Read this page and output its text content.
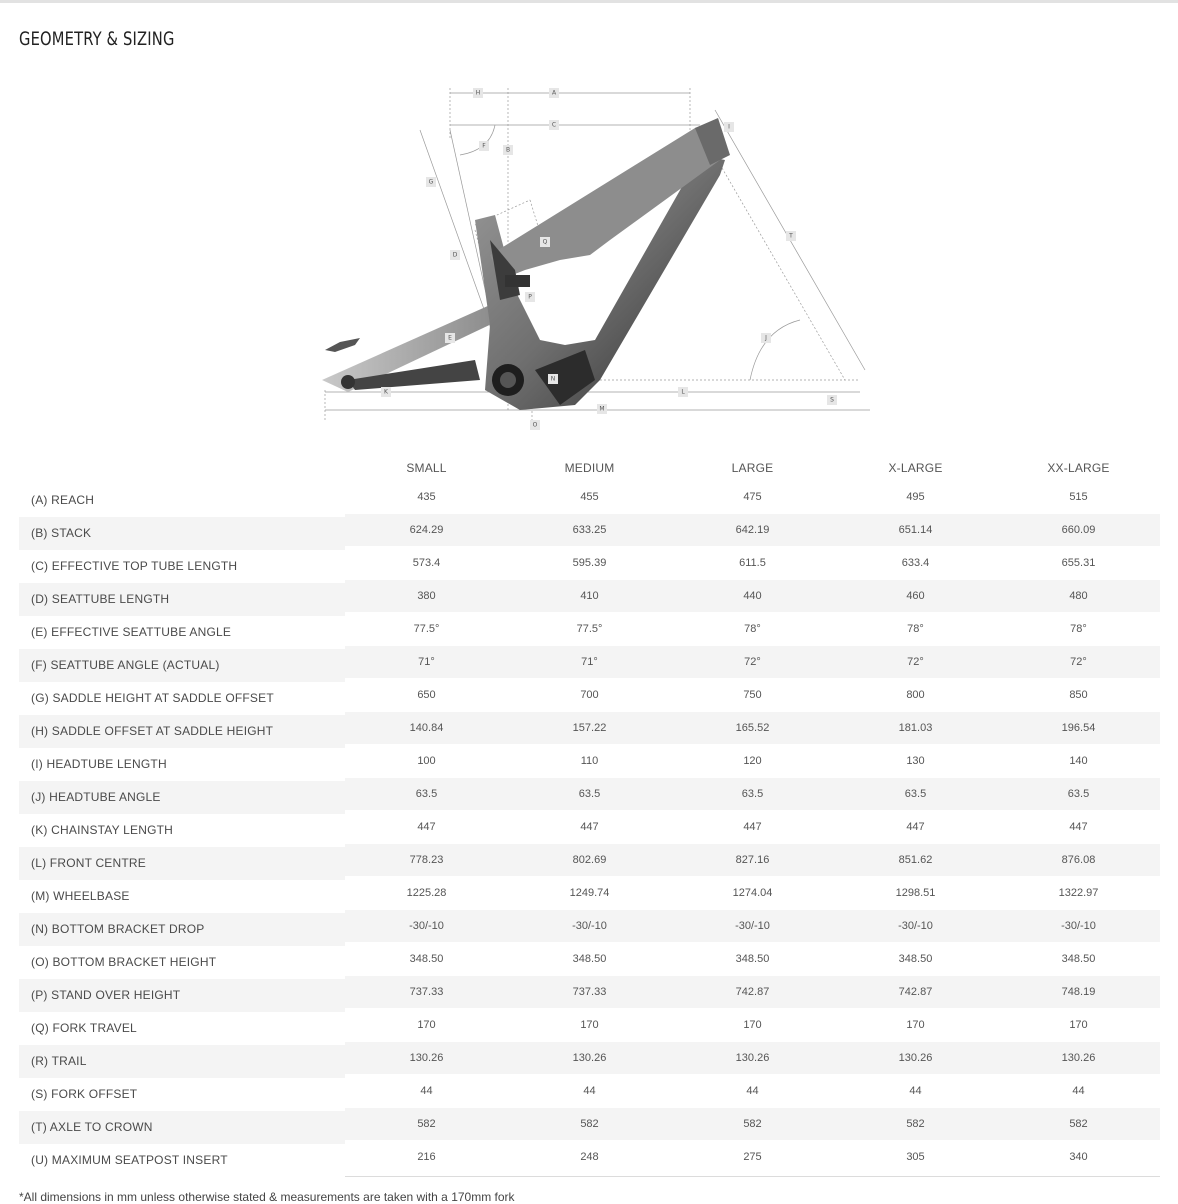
GEOMETRY & SIZING
H	A
C	I
F
B
G
T
Q
D
P
J
E
N
K	L
S
M
O
	SMALL	MEDIUM	LARGE	X-LARGE	XX-LARGE
(A) REACH	435	455	475	495	515
(B) STACK	624.29	633.25	642.19	651.14	660.09
(C) EFFECTIVE TOP TUBE LENGTH	573.4	595.39	611.5	633.4	655.31
(D) SEATTUBE LENGTH	380	410	440	460	480
(E) EFFECTIVE SEATTUBE ANGLE	77.5°	77.5°	78°	78°	78°
(F) SEATTUBE ANGLE (ACTUAL)	71°	71°	72°	72°	72°
(G) SADDLE HEIGHT AT SADDLE OFFSET	650	700	750	800	850
(H) SADDLE OFFSET AT SADDLE HEIGHT	140.84	157.22	165.52	181.03	196.54
(I) HEADTUBE LENGTH	100	110	120	130	140
(J) HEADTUBE ANGLE	63.5	63.5	63.5	63.5	63.5
(K) CHAINSTAY LENGTH	447	447	447	447	447
(L) FRONT CENTRE	778.23	802.69	827.16	851.62	876.08
(M) WHEELBASE	1225.28	1249.74	1274.04	1298.51	1322.97
(N) BOTTOM BRACKET DROP	-30/-10	-30/-10	-30/-10	-30/-10	-30/-10
(O) BOTTOM BRACKET HEIGHT	348.50	348.50	348.50	348.50	348.50
(P) STAND OVER HEIGHT	737.33	737.33	742.87	742.87	748.19
(Q) FORK TRAVEL	170	170	170	170	170
(R) TRAIL	130.26	130.26	130.26	130.26	130.26
(S) FORK OFFSET	44	44	44	44	44
(T) AXLE TO CROWN	582	582	582	582	582
(U) MAXIMUM SEATPOST INSERT	216	248	275	305	340
*All dimensions in mm unless otherwise stated & measurements are taken with a 170mm fork
